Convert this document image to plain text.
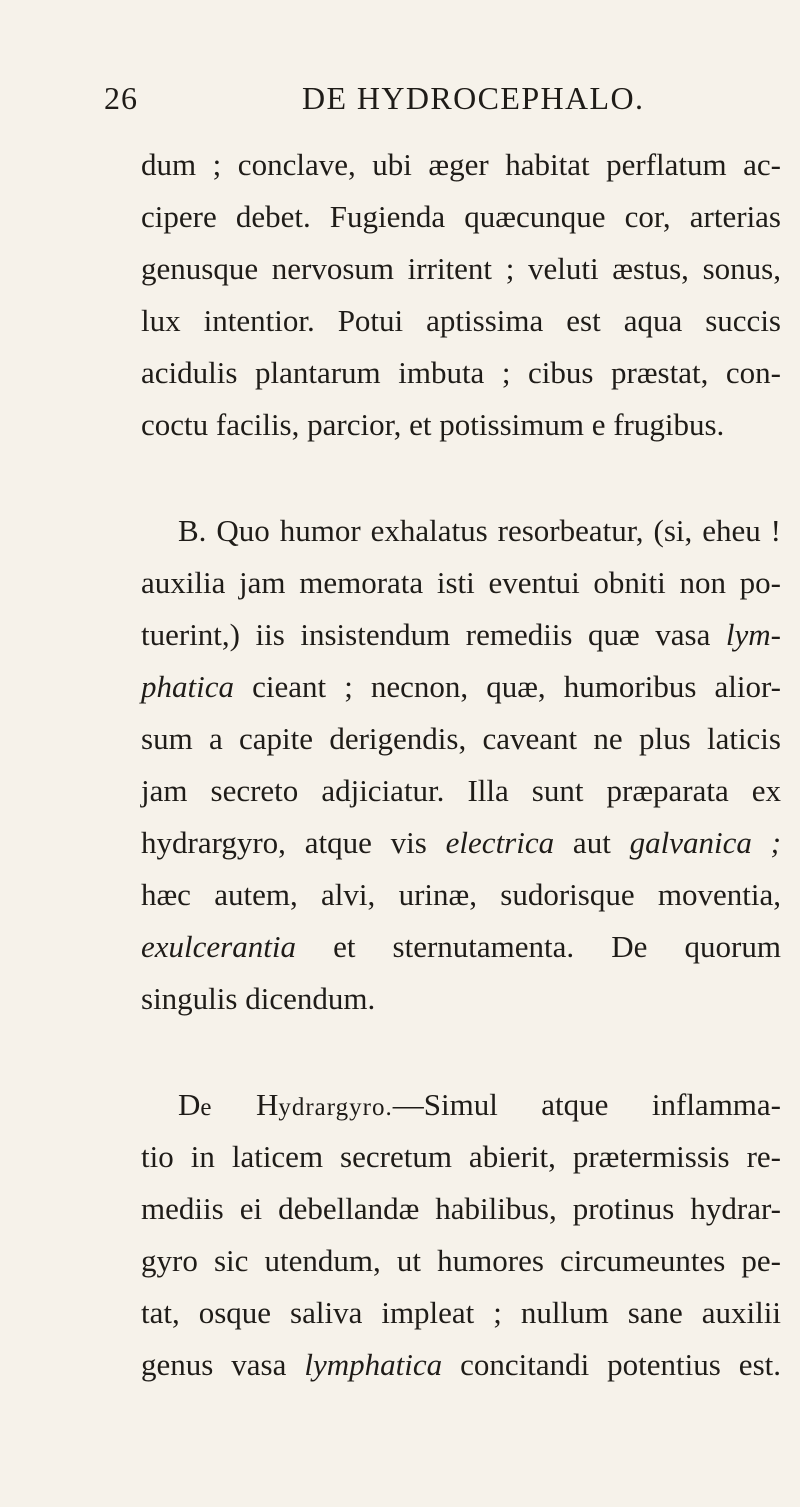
26	DE HYDROCEPHALO.
dum ; conclave, ubi æger habitat perflatum ac-
cipere debet. Fugienda quæcunque cor, arterias
genusque nervosum irritent ; veluti æstus, sonus,
lux intentior. Potui aptissima est aqua succis
acidulis plantarum imbuta ; cibus præstat, con-
coctu facilis, parcior, et potissimum e frugibus.
B. Quo humor exhalatus resorbeatur, (si, eheu !
auxilia jam memorata isti eventui obniti non po-
tuerint,) iis insistendum remediis quæ vasa lym-
phatica cieant ; necnon, quæ, humoribus alior-
sum a capite derigendis, caveant ne plus laticis
jam secreto adjiciatur. Illa sunt præparata ex
hydrargyro, atque vis electrica aut galvanica ;
hæc autem, alvi, urinæ, sudorisque moventia,
exulcerantia et sternutamenta. De quorum
singulis dicendum.
De Hydrargyro.—Simul atque inflamma-
tio in laticem secretum abierit, prætermissis re-
mediis ei debellandæ habilibus, protinus hydrar-
gyro sic utendum, ut humores circumeuntes pe-
tat, osque saliva impleat ; nullum sane auxilii
genus vasa lymphatica concitandi potentius est.
